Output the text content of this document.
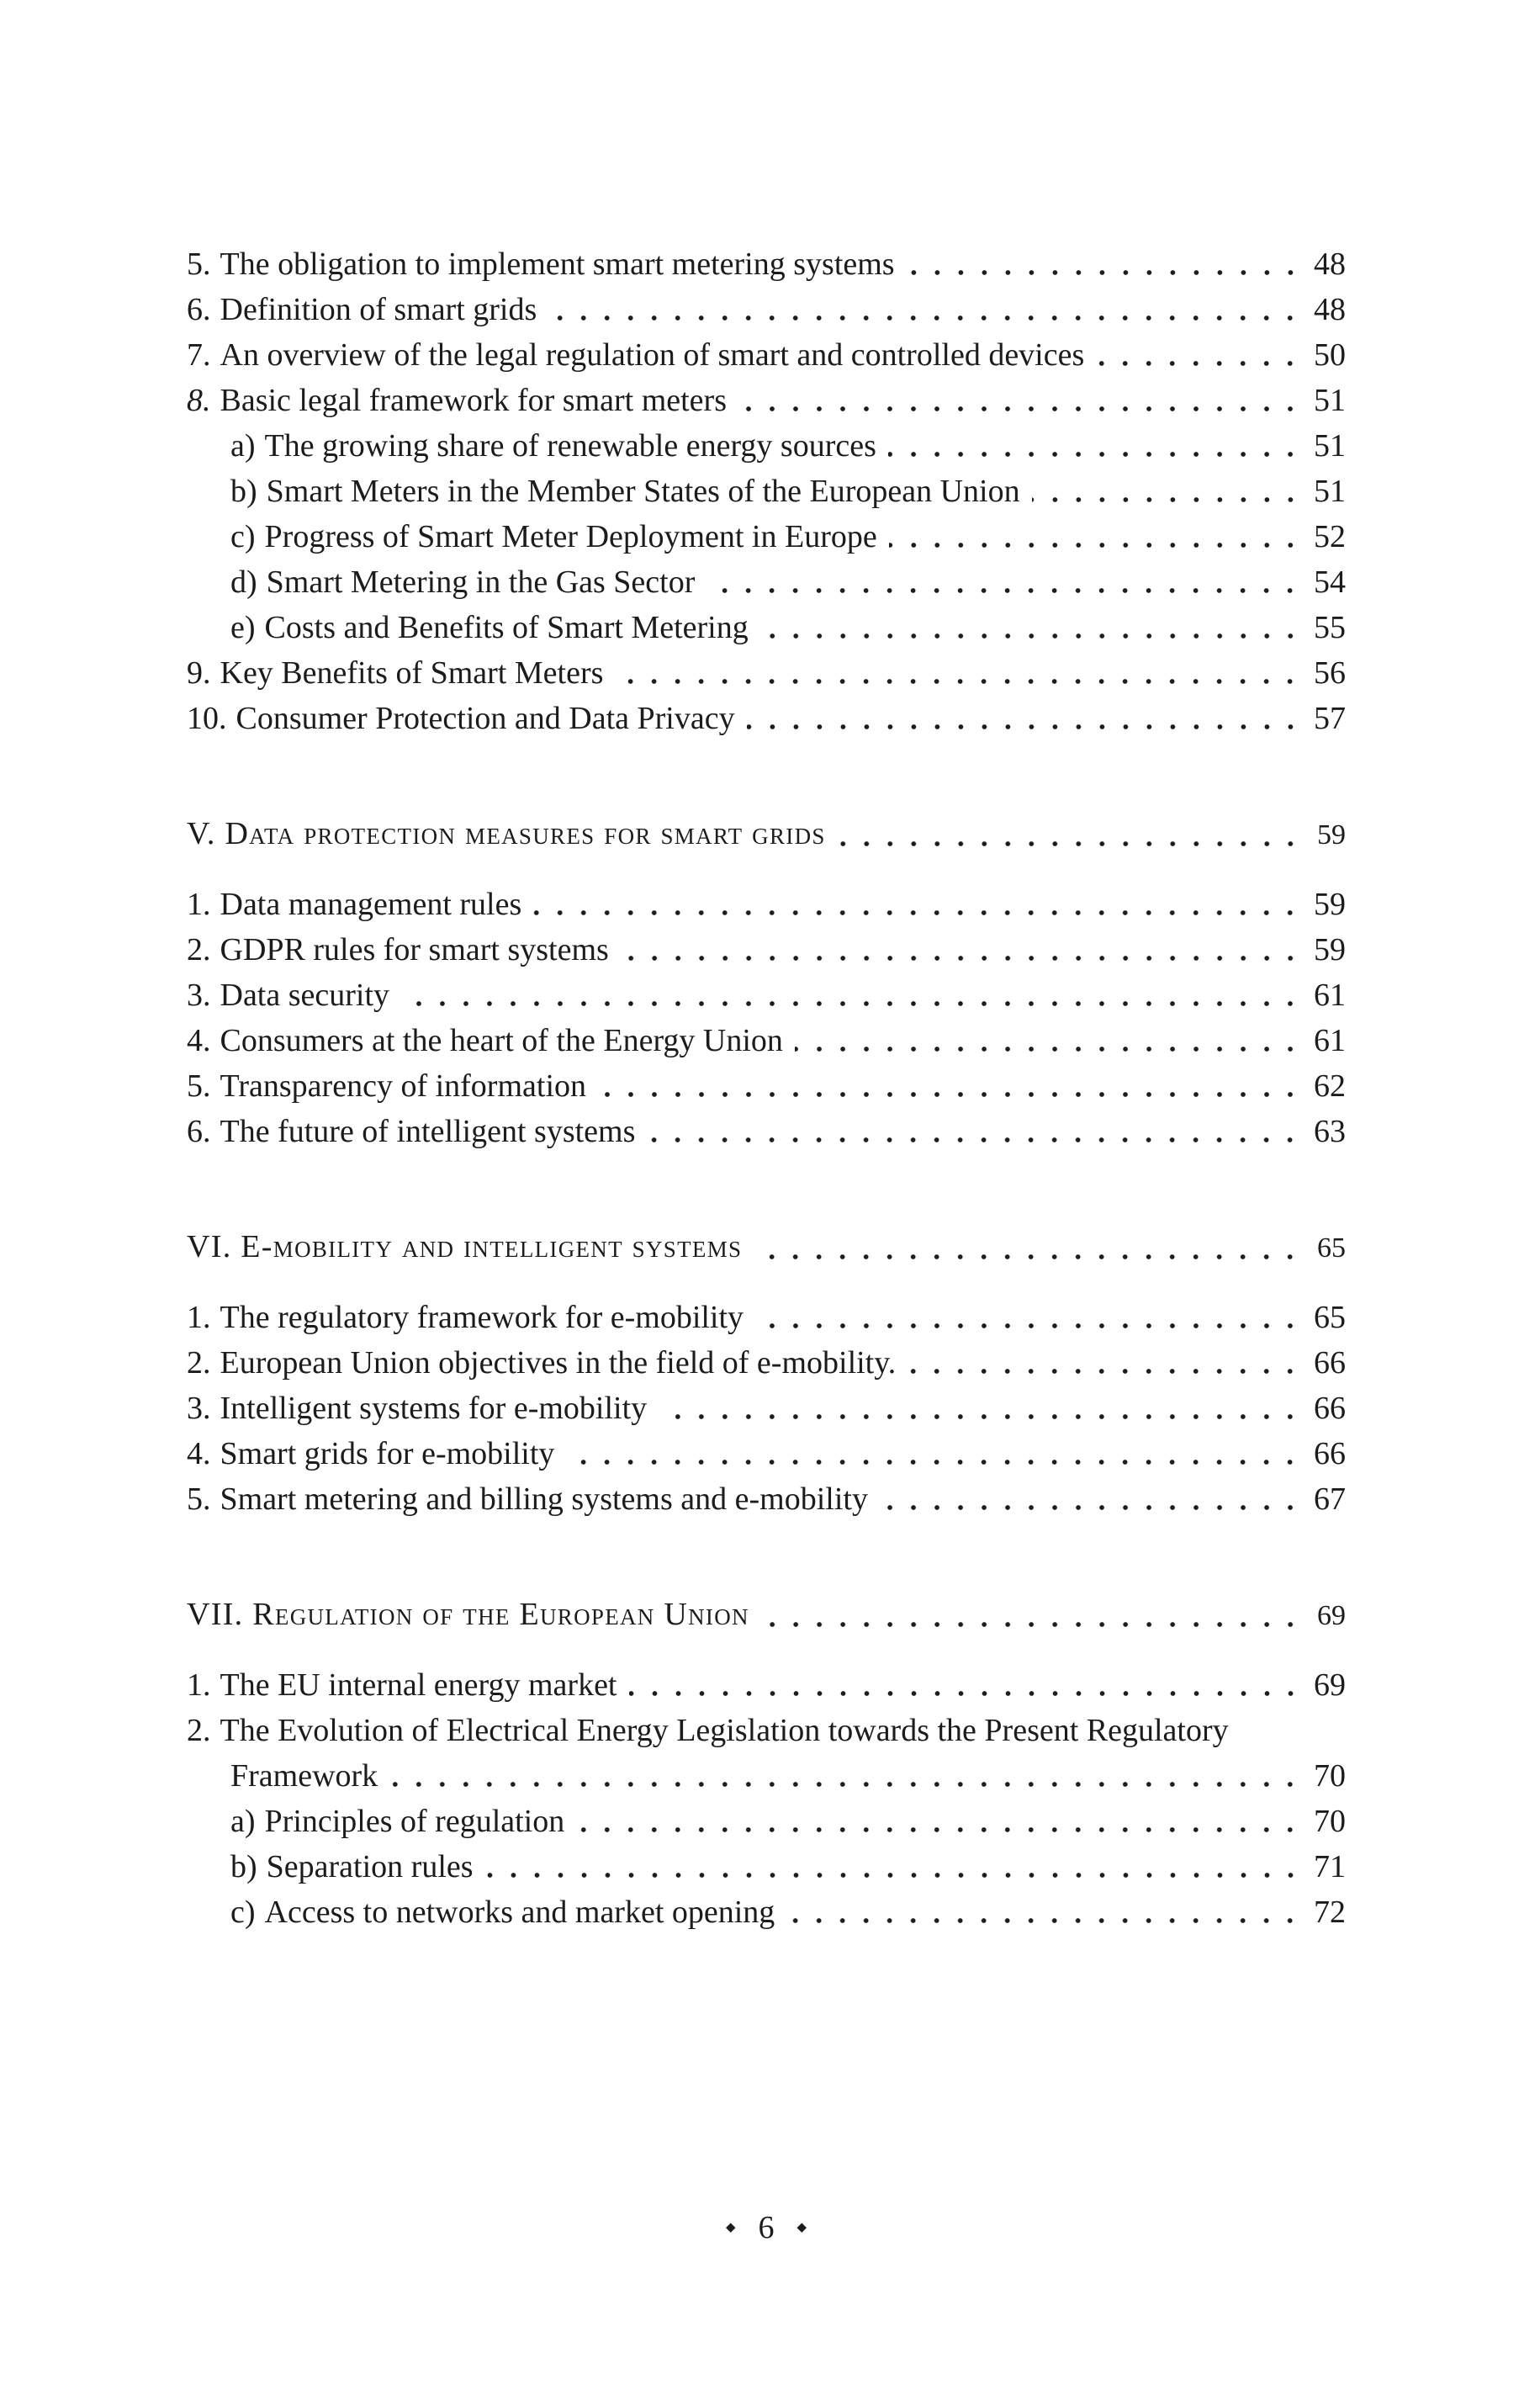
5. The obligation to implement smart metering systems	48
6. Definition of smart grids	48
7. An overview of the legal regulation of smart and controlled devices	50
8. Basic legal framework for smart meters	51
a) The growing share of renewable energy sources	51
b) Smart Meters in the Member States of the European Union	51
c) Progress of Smart Meter Deployment in Europe	52
d) Smart Metering in the Gas Sector	54
e) Costs and Benefits of Smart Metering	55
9. Key Benefits of Smart Meters	56
10. Consumer Protection and Data Privacy	57
V. Data protection measures for smart grids	59
1. Data management rules	59
2. GDPR rules for smart systems	59
3. Data security	61
4. Consumers at the heart of the Energy Union	61
5. Transparency of information	62
6. The future of intelligent systems	63
VI. E-mobility and intelligent systems	65
1. The regulatory framework for e-mobility	65
2. European Union objectives in the field of e-mobility.	66
3. Intelligent systems for e-mobility	66
4. Smart grids for e-mobility	66
5. Smart metering and billing systems and e-mobility	67
VII. Regulation of the European Union	69
1. The EU internal energy market	69
2. The Evolution of Electrical Energy Legislation towards the Present Regulatory
Framework	70
a) Principles of regulation	70
b) Separation rules	71
c) Access to networks and market opening	72
◆ 6 ◆
